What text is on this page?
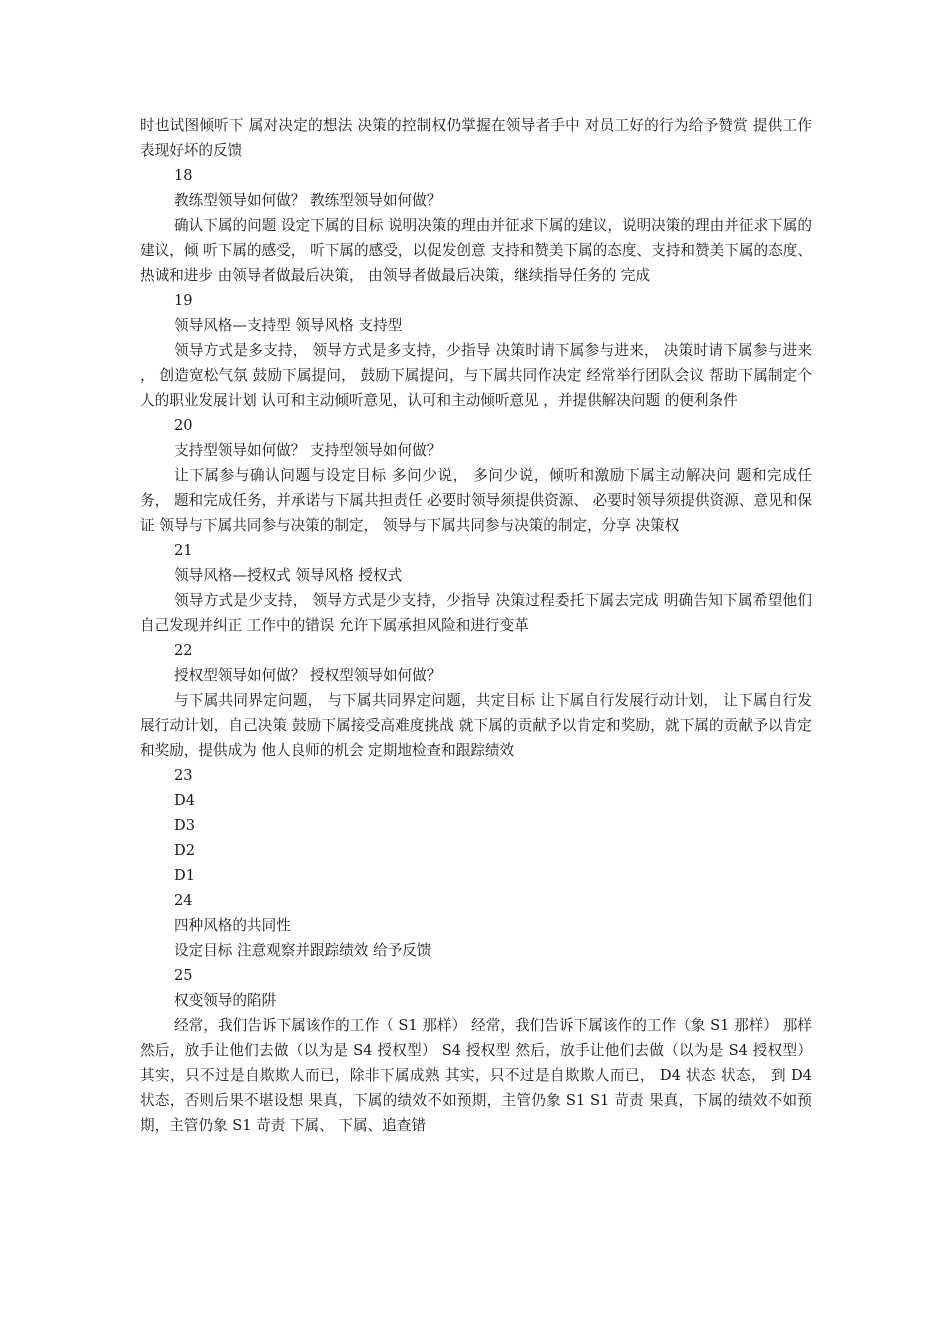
时也试图倾听下 属对决定的想法 决策的控制权仍掌握在领导者手中 对员工好的行为给予赞赏 提供工作表现好坏的反馈

18

教练型领导如何做？ 教练型领导如何做？

确认下属的问题 设定下属的目标 说明决策的理由并征求下属的建议，说明决策的理由并征求下属的建议，倾 听下属的感受， 听下属的感受，以促发创意 支持和赞美下属的态度、支持和赞美下属的态度、热诚和进步 由领导者做最后决策， 由领导者做最后决策，继续指导任务的 完成

19

领导风格—支持型 领导风格 支持型

领导方式是多支持， 领导方式是多支持，少指导 决策时请下属参与进来， 决策时请下属参与进来 ， 创造宽松气氛 鼓励下属提问， 鼓励下属提问，与下属共同作决定 经常举行团队会议 帮助下属制定个人的职业发展计划 认可和主动倾听意见，认可和主动倾听意见 ，并提供解决问题 的便利条件

20

支持型领导如何做？ 支持型领导如何做？

让下属参与确认问题与设定目标 多问少说， 多问少说，倾听和激励下属主动解决问 题和完成任务， 题和完成任务，并承诺与下属共担责任 必要时领导须提供资源、 必要时领导须提供资源、意见和保证 领导与下属共同参与决策的制定， 领导与下属共同参与决策的制定，分享 决策权

21

领导风格—授权式 领导风格 授权式

领导方式是少支持， 领导方式是少支持，少指导 决策过程委托下属去完成 明确告知下属希望他们自己发现并纠正 工作中的错误 允许下属承担风险和进行变革

22

授权型领导如何做？ 授权型领导如何做？

与下属共同界定问题， 与下属共同界定问题，共定目标 让下属自行发展行动计划， 让下属自行发展行动计划，自己决策 鼓励下属接受高难度挑战 就下属的贡献予以肯定和奖励，就下属的贡献予以肯定和奖励，提供成为 他人良师的机会 定期地检查和跟踪绩效

23

D4

D3

D2

D1

24

四种风格的共同性

设定目标 注意观察并跟踪绩效 给予反馈

25

权变领导的陷阱

经常，我们告诉下属该作的工作（ S1 那样） 经常，我们告诉下属该作的工作（象 S1 那样） 那样 然后，放手让他们去做（以为是 S4 授权型） S4 授权型 然后，放手让他们去做（以为是 S4 授权型） 其实，只不过是自欺欺人而已，除非下属成熟 其实，只不过是自欺欺人而已， D4 状态 状态， 到 D4 状态，否则后果不堪设想 果真，下属的绩效不如预期，主管仍象 S1 S1 苛责 果真，下属的绩效不如预期，主管仍象 S1 苛责 下属、 下属、追查错
